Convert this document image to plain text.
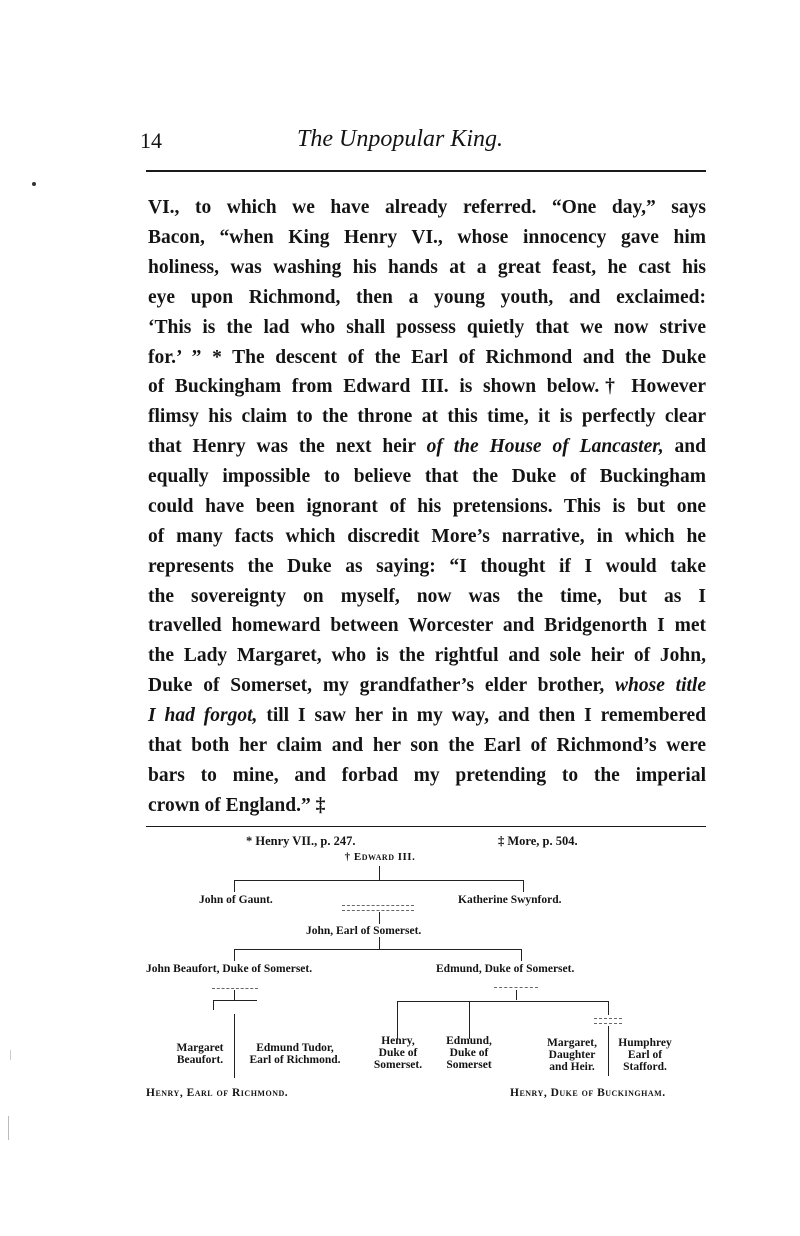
14	The Unpopular King.
VI., to which we have already referred. “One day,” says
Bacon, “when King Henry VI., whose innocency gave him
holiness, was washing his hands at a great feast, he cast his
eye upon Richmond, then a young youth, and exclaimed:
‘This is the lad who shall possess quietly that we now strive
for.’ ” * The descent of the Earl of Richmond and the Duke
of Buckingham from Edward III. is shown below.† However
flimsy his claim to the throne at this time, it is perfectly clear
that Henry was the next heir of the House of Lancaster, and
equally impossible to believe that the Duke of Buckingham
could have been ignorant of his pretensions. This is but one
of many facts which discredit More’s narrative, in which he
represents the Duke as saying: “I thought if I would take
the sovereignty on myself, now was the time, but as I
travelled homeward between Worcester and Bridgenorth I met
the Lady Margaret, who is the rightful and sole heir of John,
Duke of Somerset, my grandfather’s elder brother, whose title
I had forgot, till I saw her in my way, and then I remembered
that both her claim and her son the Earl of Richmond’s were
bars to mine, and forbad my pretending to the imperial
crown of England.” ‡
* Henry VII., p. 247.	‡ More, p. 504.
† Edward III.
John of Gaunt.	Katherine Swynford.
John, Earl of Somerset.
John Beaufort, Duke of Somerset.	Edmund, Duke of Somerset.
Margaret
Beaufort.
Edmund Tudor,
Earl of Richmond.
Henry,
Duke of
Somerset.
Edmund,
Duke of
Somerset
Margaret,
Daughter
and Heir.
Humphrey
Earl of
Stafford.
Henry, Earl of Richmond.	Henry, Duke of Buckingham.
